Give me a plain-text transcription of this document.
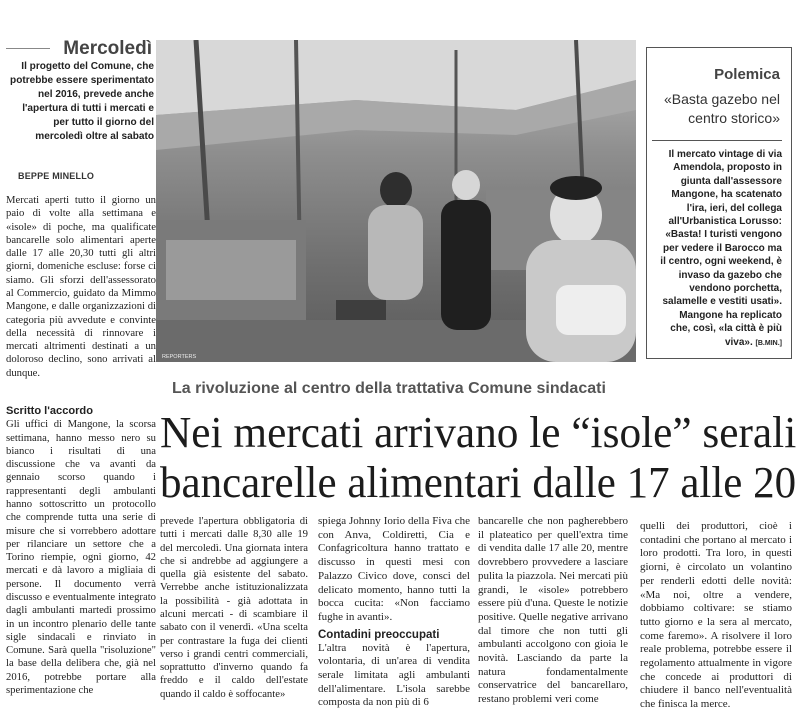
Mercoledì

Il progetto del Comune, che potrebbe essere sperimentato nel 2016, prevede anche l'apertura di tutti i mercati e per tutto il giorno del mercoledì oltre al sabato

BEPPE MINELLO

Mercati aperti tutto il giorno un paio di volte alla settimana e «isole» di poche, ma qualificate bancarelle solo alimentari aperte dalle 17 alle 20,30 tutti gli altri giorni, domeniche escluse: forse ci siamo. Gli sforzi dell'assessorato al Commercio, guidato da Mimmo Mangone, e dalle organizzazioni di categoria più avvedute e convinte della necessità di rinnovare i mercati altrimenti destinati a un doloroso declino, sono arrivati al dunque.

Scritto l'accordo

Gli uffici di Mangone, la scorsa settimana, hanno messo nero su bianco i risultati di una discussione che va avanti da gennaio scorso quando i rappresentanti degli ambulanti hanno sottoscritto un protocollo che comprende tutta una serie di misure che si vorrebbero adottare per rilanciare un settore che a Torino riempie, ogni giorno, 42 mercati e dà lavoro a migliaia di persone. Il documento verrà discusso e eventualmente integrato dagli ambulanti martedì prossimo in un incontro plenario delle tante sigle sindacali e rinviato in Comune. Sarà quella "risoluzione" la base della delibera che, già nel 2016, potrebbe portare alla sperimentazione che

REPORTERS
Polemica
«Basta gazebo nel centro storico»
Il mercato vintage di via Amendola, proposto in giunta dall'assessore Mangone, ha scatenato l'ira, ieri, del collega all'Urbanistica Lorusso: «Basta! I turisti vengono per vedere il Barocco ma il centro, ogni weekend, è invaso da gazebo che vendono porchetta, salamelle e vestiti usati». Mangone ha replicato che, così, «la città è più viva». [B.MIN.]
La rivoluzione al centro della trattativa Comune sindacati
Nei mercati arrivano le “isole” serali
bancarelle alimentari dalle 17 alle 20

prevede l'apertura obbligatoria di tutti i mercati dalle 8,30 alle 19 del mercoledì. Una giornata intera che si andrebbe ad aggiungere a quella già esistente del sabato. Verrebbe anche istituzionalizzata la possibilità - già adottata in alcuni mercati - di scambiare il sabato con il venerdì. «Una scelta per contrastare la fuga dei clienti verso i grandi centri commerciali, soprattutto d'inverno quando fa freddo e il caldo dell'estate quando il caldo è soffocante»

spiega Johnny Iorio della Fiva che con Anva, Coldiretti, Cia e Confagricoltura hanno trattato e discusso in questi mesi con Palazzo Civico dove, consci del delicato momento, hanno tutti la bocca cucita: «Non facciamo fughe in avanti».

Contadini preoccupati

L'altra novità è l'apertura, volontaria, di un'area di vendita serale limitata agli ambulanti dell'alimentare. L'isola sarebbe composta da non più di 6

bancarelle che non pagherebbero il plateatico per quell'extra time di vendita dalle 17 alle 20, mentre dovrebbero provvedere a lasciare pulita la piazzola. Nei mercati più grandi, le «isole» potrebbero essere più d'una. Queste le notizie positive. Quelle negative arrivano dal timore che non tutti gli ambulanti accolgono con gioia le novità. Lasciando da parte la natura fondamentalmente conservatrice del bancarellaro, restano problemi veri come

quelli dei produttori, cioè i contadini che portano al mercato i loro prodotti. Tra loro, in questi giorni, è circolato un volantino per renderli edotti delle novità: «Ma noi, oltre a vendere, dobbiamo coltivare: se stiamo tutto giorno e la sera al mercato, come faremo». A risolvere il loro reale problema, potrebbe essere il regolamento attualmente in vigore che concede ai produttori di chiudere il banco nell'eventualità che finisca la merce.
